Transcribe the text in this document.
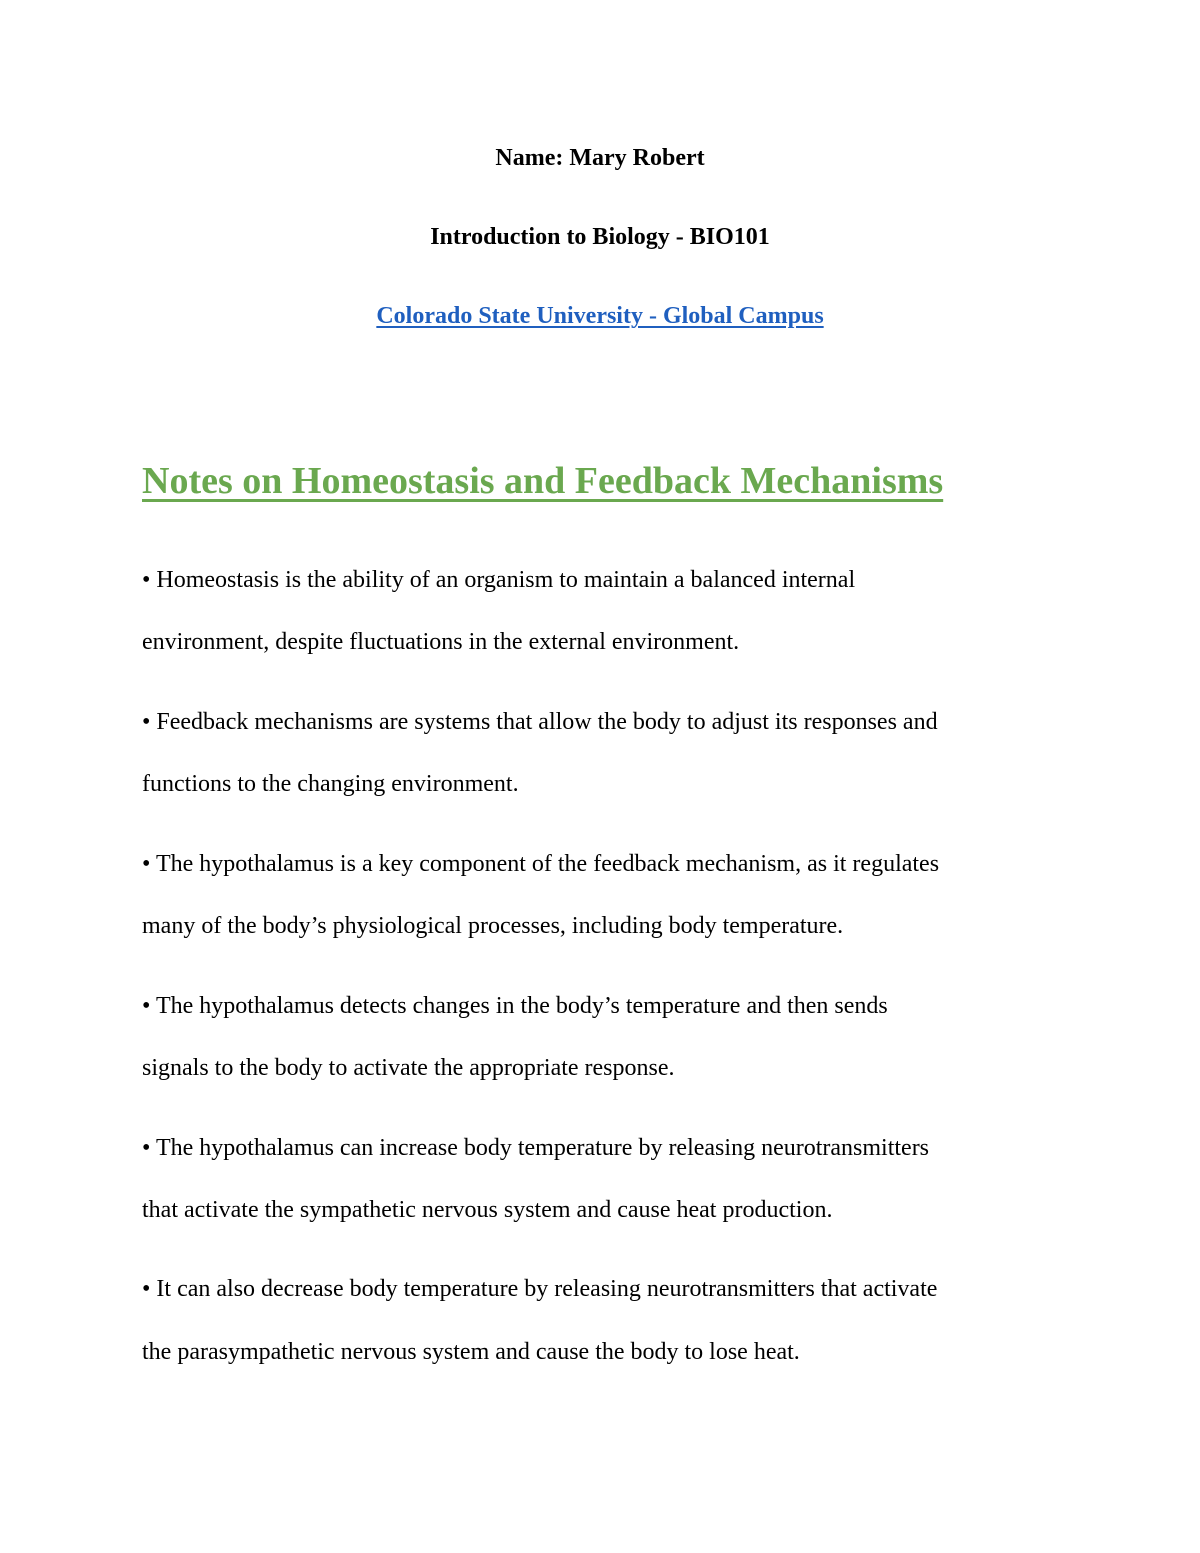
Name: Mary Robert
Introduction to Biology - BIO101
Colorado State University - Global Campus
Notes on Homeostasis and Feedback Mechanisms
• Homeostasis is the ability of an organism to maintain a balanced internal
environment, despite fluctuations in the external environment.
• Feedback mechanisms are systems that allow the body to adjust its responses and
functions to the changing environment.
• The hypothalamus is a key component of the feedback mechanism, as it regulates
many of the body’s physiological processes, including body temperature.
• The hypothalamus detects changes in the body’s temperature and then sends
signals to the body to activate the appropriate response.
• The hypothalamus can increase body temperature by releasing neurotransmitters
that activate the sympathetic nervous system and cause heat production.
• It can also decrease body temperature by releasing neurotransmitters that activate
the parasympathetic nervous system and cause the body to lose heat.
